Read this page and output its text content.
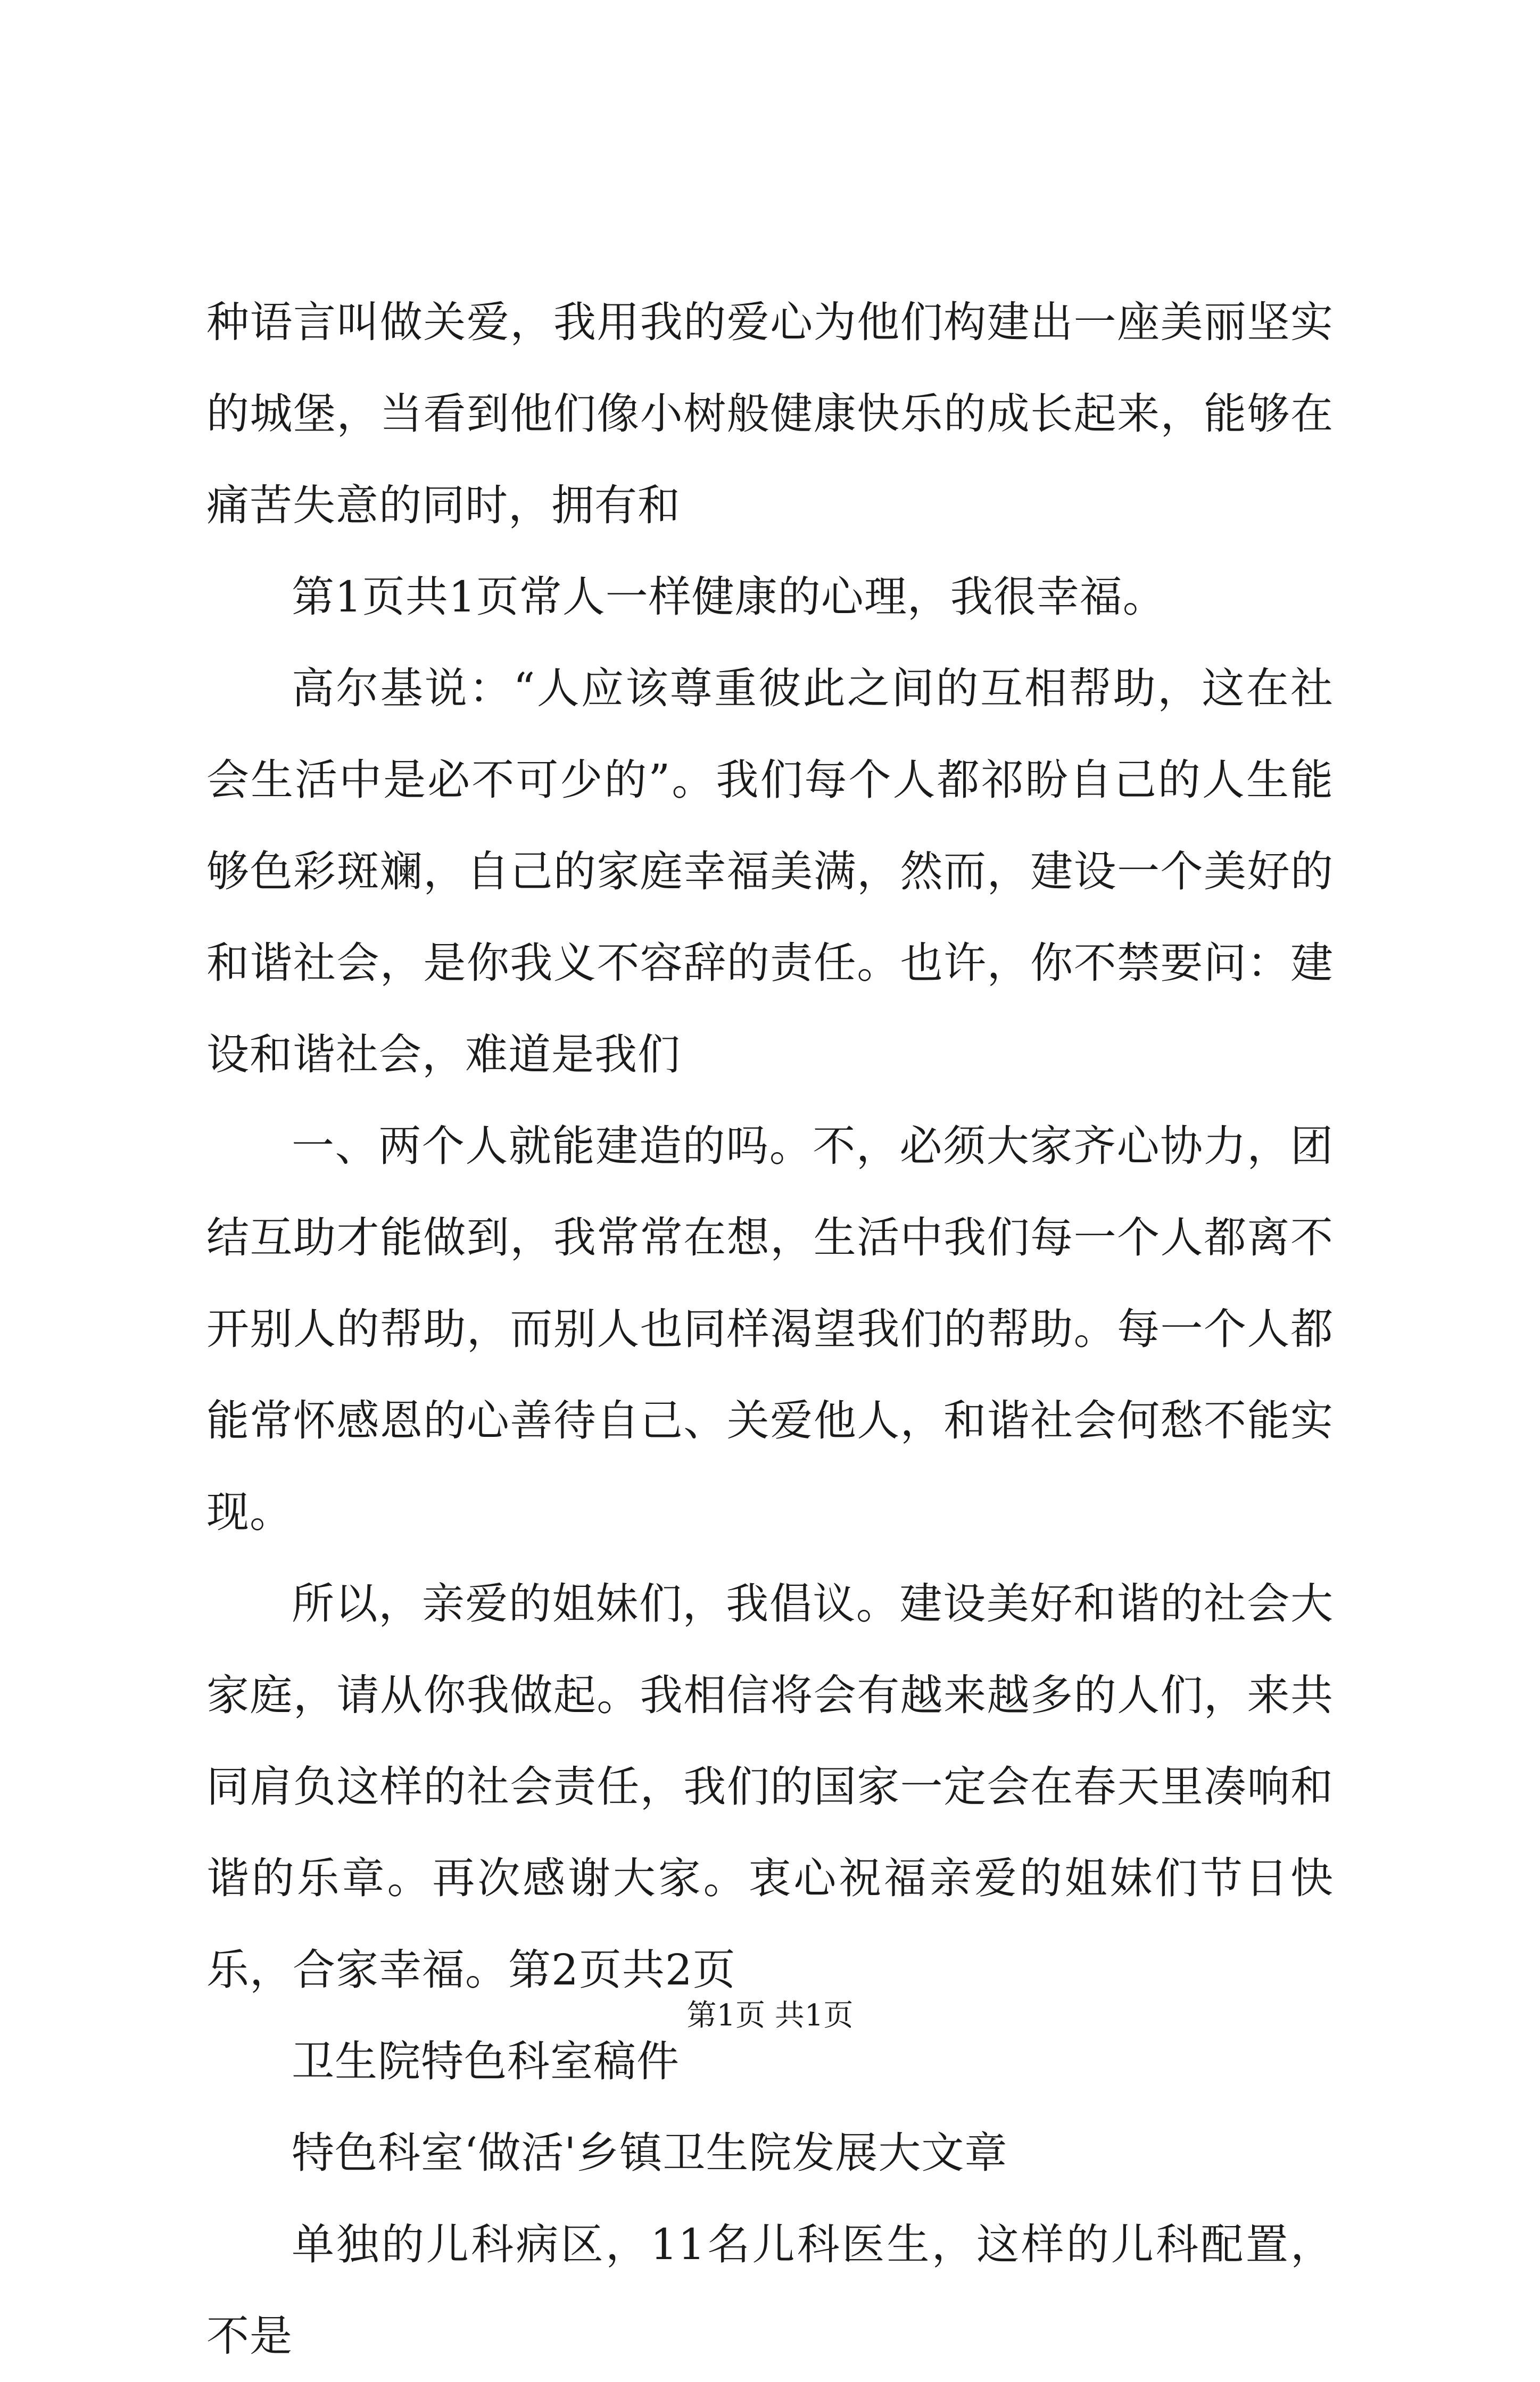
种语言叫做关爱，我用我的爱心为他们构建出一座美丽坚实的城堡，当看到他们像小树般健康快乐的成长起来，能够在痛苦失意的同时，拥有和

第1页共1页常人一样健康的心理，我很幸福。

高尔基说：“人应该尊重彼此之间的互相帮助，这在社会生活中是必不可少的”。我们每个人都祁盼自己的人生能够色彩斑斓，自己的家庭幸福美满，然而，建设一个美好的和谐社会，是你我义不容辞的责任。也许，你不禁要问：建设和谐社会，难道是我们

一、两个人就能建造的吗。不，必须大家齐心协力，团结互助才能做到，我常常在想，生活中我们每一个人都离不开别人的帮助，而别人也同样渴望我们的帮助。每一个人都能常怀感恩的心善待自己、关爱他人，和谐社会何愁不能实现。

所以，亲爱的姐妹们，我倡议。建设美好和谐的社会大家庭，请从你我做起。我相信将会有越来越多的人们，来共同肩负这样的社会责任，我们的国家一定会在春天里凑响和谐的乐章。再次感谢大家。衷心祝福亲爱的姐妹们节日快乐，合家幸福。第2页共2页

卫生院特色科室稿件

特色科室‘做活'乡镇卫生院发展大文章

单独的儿科病区，11名儿科医生，这样的儿科配置，不是

第1页 共1页
